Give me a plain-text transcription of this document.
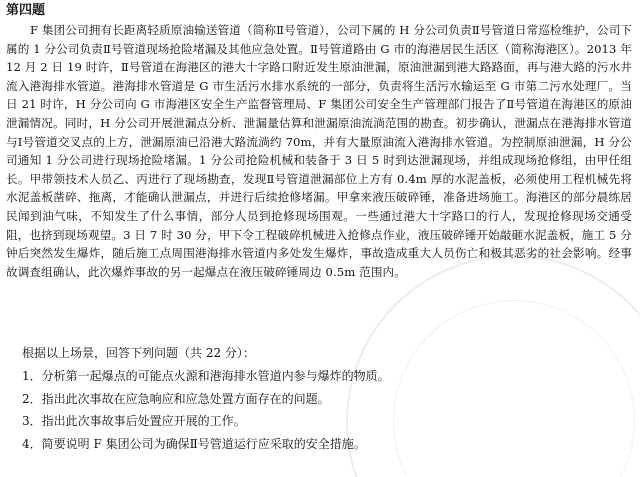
第四题

F 集团公司拥有长距离轻质原油输送管道（简称Ⅱ号管道），公司下属的 H 分公司负责Ⅱ号管道日常巡检维护，公司下属的 1 分公司负责Ⅱ号管道现场抢险堵漏及其他应急处置。Ⅱ号管道路由 G 市的海港居民生活区（简称海港区）。2013 年 12 月 2 日 19 时许，Ⅱ号管道在海港区的港大十字路口附近发生原油泄漏，原油泄漏到港大路路面，再与港大路的污水井流入港海排水管道。港海排水管道是 G 市生活污水排水系统的一部分，负责将生活污水输运至 G 市第二污水处理厂。当日 21 时许，H 分公司向 G 市海港区安全生产监督管理局、F 集团公司安全生产管理部门报告了Ⅱ号管道在海港区的原油泄漏情况。同时，H 分公司开展泄漏点分析、泄漏量估算和泄漏原油流淌范围的勘查。初步确认，泄漏点在港海排水管道与Ⅰ号管道交叉点的上方，泄漏原油已沿港大路流淌约 70m，并有大量原油流入港海排水管道。为控制原油泄漏，H 分公司通知 1 分公司进行现场抢险堵漏。1 分公司抢险机械和装备于 3 日 5 时到达泄漏现场，并组成现场抢修组，由甲任组长。甲带领技术人员乙、丙进行了现场勘查，发现Ⅱ号管道泄漏部位上方有 0.4m 厚的水泥盖板，必须使用工程机械先将水泥盖板凿碎、拖离，才能确认泄漏点，并进行后续抢修堵漏。甲拿来液压破碎锤，准备进场施工。海港区的部分晨练居民闻到油气味，不知发生了什么事情，部分人员到抢修现场围观。一些通过港大十字路口的行人，发现抢修现场交通受阻，也挤到现场观望。3 日 7 时 30 分，甲下令工程破碎机械进入抢修点作业，液压破碎锤开始敲砸水泥盖板，施工 5 分钟后突然发生爆炸，随后施工点周围港海排水管道内多处发生爆炸，事故造成重大人员伤亡和极其恶劣的社会影响。经事故调查组确认，此次爆炸事故的另一起爆点在液压破碎锤周边 0.5m 范围内。

根据以上场景，回答下列问题（共 22 分）：

1．分析第一起爆点的可能点火源和港海排水管道内参与爆炸的物质。
2．指出此次事故在应急响应和应急处置方面存在的问题。
3．指出此次事故事后处置应开展的工作。
4．简要说明 F 集团公司为确保Ⅱ号管道运行应采取的安全措施。
